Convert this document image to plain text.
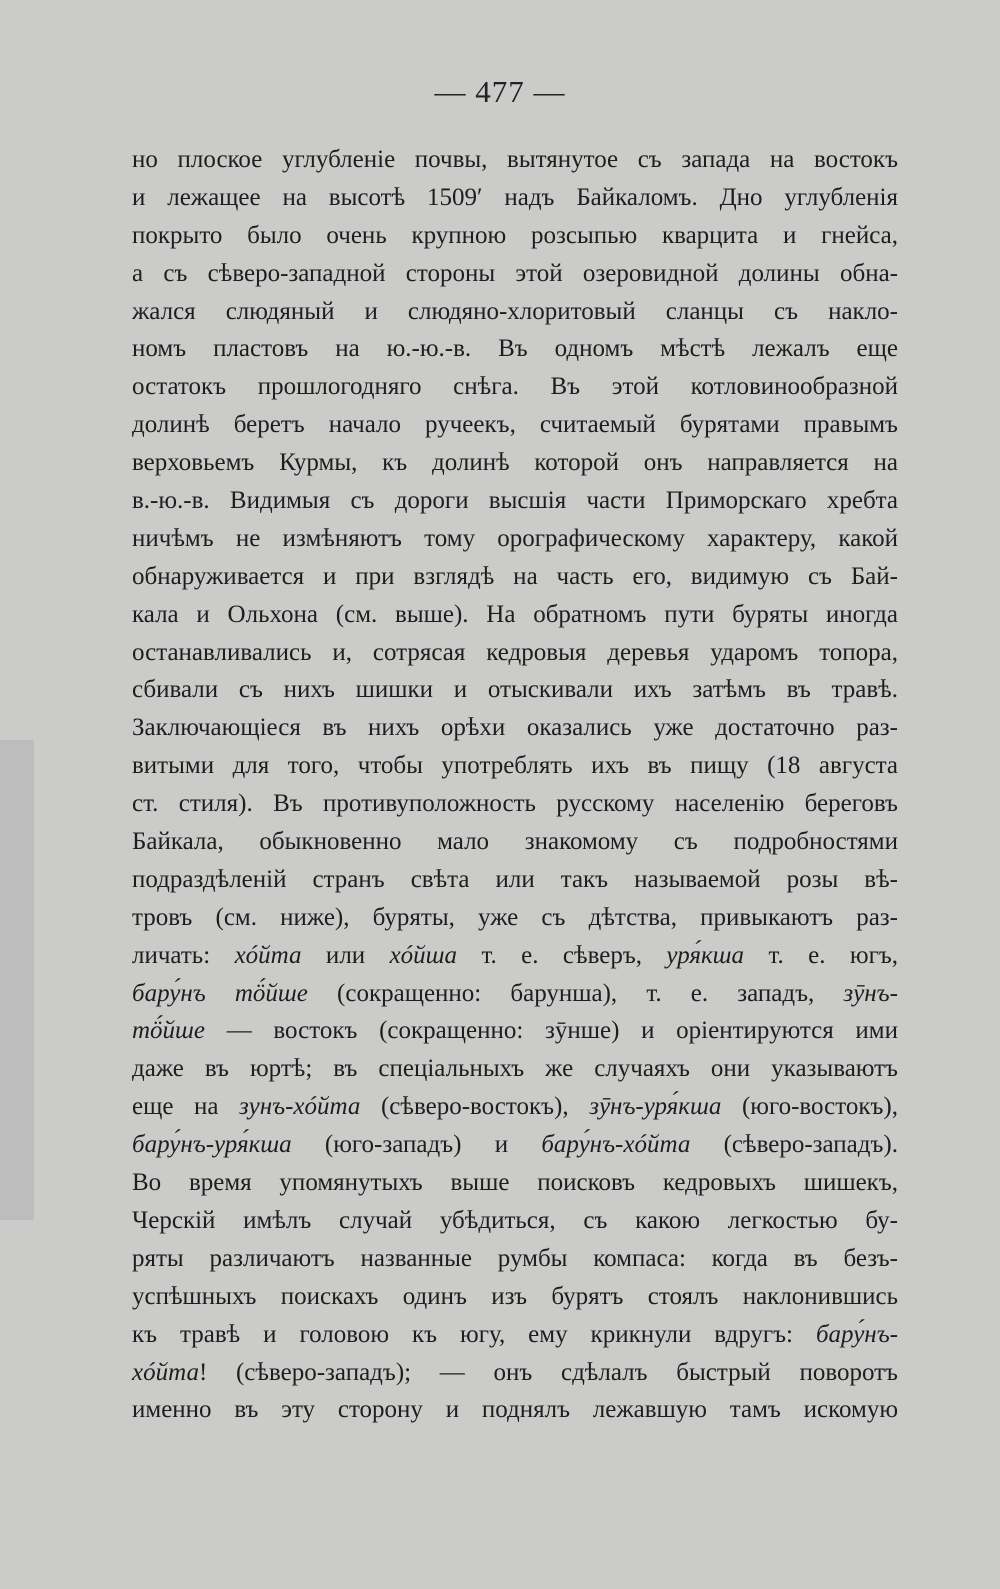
— 477 —
но плоское углубленіе почвы, вытянутое съ запада на востокъ
и лежащее на высотѣ 1509′ надъ Байкаломъ. Дно углубленія
покрыто было очень крупною розсыпью кварцита и гнейса,
а съ сѣверо-западной стороны этой озеровидной долины обна-
жался слюдяный и слюдяно-хлоритовый сланцы съ накло-
номъ пластовъ на ю.-ю.-в. Въ одномъ мѣстѣ лежалъ еще
остатокъ прошлогодняго снѣга. Въ этой котловинообразной
долинѣ беретъ начало ручеекъ, считаемый бурятами правымъ
верховьемъ Курмы, къ долинѣ которой онъ направляется на
в.-ю.-в. Видимыя съ дороги высшія части Приморскаго хребта
ничѣмъ не измѣняютъ тому орографическому характеру, какой
обнаруживается и при взглядѣ на часть его, видимую съ Бай-
кала и Ольхона (см. выше). На обратномъ пути буряты иногда
останавливались и, сотрясая кедровыя деревья ударомъ топора,
сбивали съ нихъ шишки и отыскивали ихъ затѣмъ въ травѣ.
Заключающіеся въ нихъ орѣхи оказались уже достаточно раз-
витыми для того, чтобы употреблять ихъ въ пищу (18 августа
ст. стиля). Въ противуположность русскому населенію береговъ
Байкала, обыкновенно мало знакомому съ подробностями
подраздѣленій странъ свѣта или такъ называемой розы вѣ-
тровъ (см. ниже), буряты, уже съ дѣтства, привыкаютъ раз-
личать: хóйта или хóйша т. е. сѣверъ, уря́кша т. е. югъ,
бару́нъ тӧ́йше (сокращенно: барунша), т. е. западъ, зӯнъ-
тӧ́йше — востокъ (сокращенно: зӯнше) и оріентируются ими
даже въ юртѣ; въ спеціальныхъ же случаяхъ они указываютъ
еще на зунъ-хóйта (сѣверо-востокъ), зӯнъ-уря́кша (юго-востокъ),
бару́нъ-уря́кша (юго-западъ) и бару́нъ-хóйта (сѣверо-западъ).
Во время упомянутыхъ выше поисковъ кедровыхъ шишекъ,
Черскій имѣлъ случай убѣдиться, съ какою легкостью бу-
ряты различаютъ названные румбы компаса: когда въ безъ-
успѣшныхъ поискахъ одинъ изъ бурятъ стоялъ наклонившись
къ травѣ и головою къ югу, ему крикнули вдругъ: бару́нъ-
хóйта! (сѣверо-западъ); — онъ сдѣлалъ быстрый поворотъ
именно въ эту сторону и поднялъ лежавшую тамъ искомую
